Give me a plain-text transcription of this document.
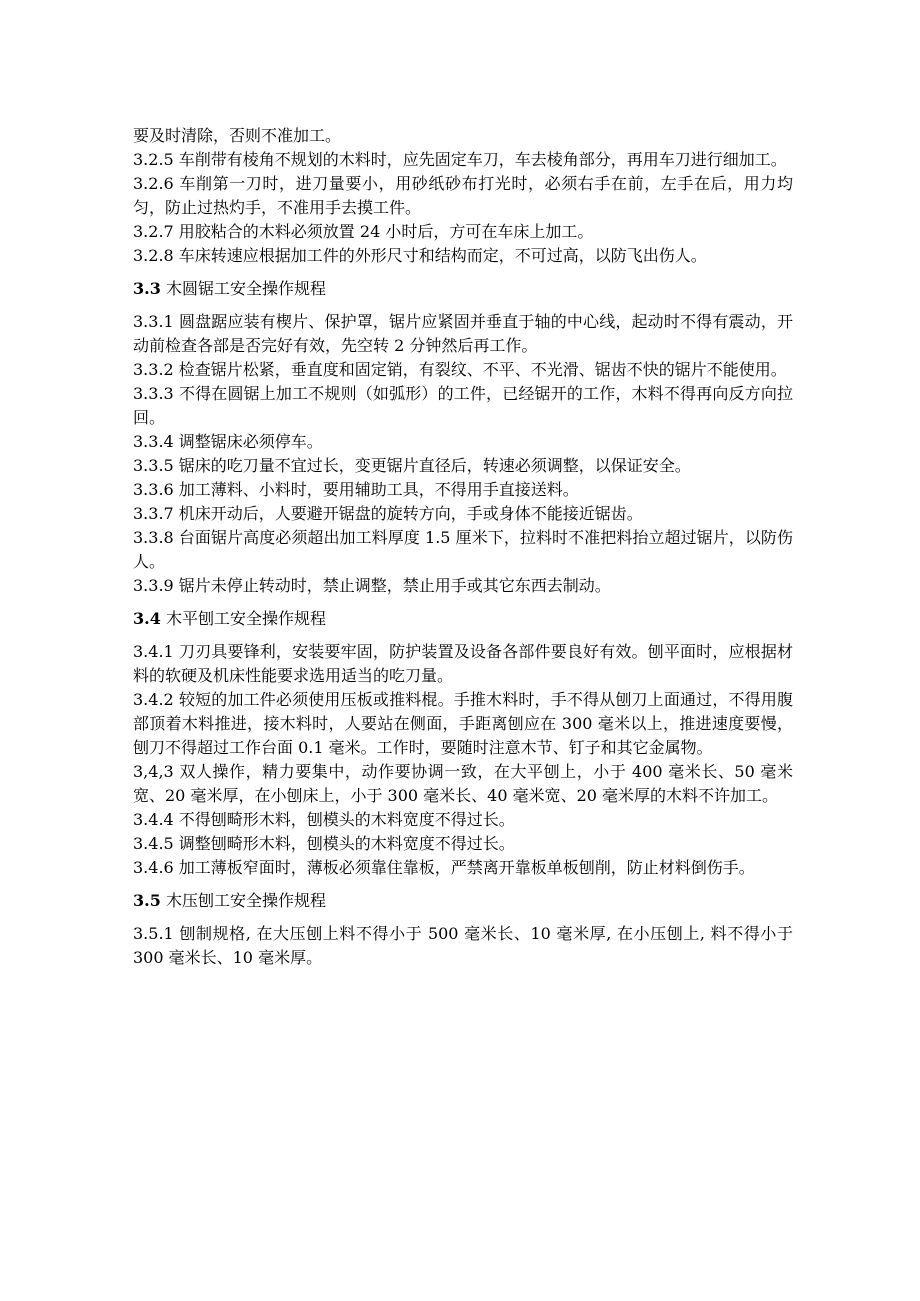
要及时清除，否则不准加工。

3.2.5 车削带有棱角不规划的木料时，应先固定车刀，车去棱角部分，再用车刀进行细加工。

3.2.6 车削第一刀时，进刀量要小，用砂纸砂布打光时，必须右手在前，左手在后，用力均匀，防止过热灼手，不准用手去摸工件。

3.2.7 用胶粘合的木料必须放置 24 小时后，方可在车床上加工。

3.2.8 车床转速应根据加工件的外形尺寸和结构而定，不可过高，以防飞出伤人。

3.3 木圆锯工安全操作规程

3.3.1 圆盘踞应装有楔片、保护罩，锯片应紧固并垂直于轴的中心线，起动时不得有震动，开动前检查各部是否完好有效，先空转 2 分钟然后再工作。

3.3.2 检查锯片松紧，垂直度和固定销，有裂纹、不平、不光滑、锯齿不快的锯片不能使用。

3.3.3 不得在圆锯上加工不规则（如弧形）的工件，已经锯开的工作，木料不得再向反方向拉回。

3.3.4 调整锯床必须停车。

3.3.5 锯床的吃刀量不宜过长，变更锯片直径后，转速必须调整，以保证安全。

3.3.6 加工薄料、小料时，要用辅助工具，不得用手直接送料。

3.3.7 机床开动后，人要避开锯盘的旋转方向，手或身体不能接近锯齿。

3.3.8 台面锯片高度必须超出加工料厚度 1.5 厘米下，拉料时不准把料抬立超过锯片，以防伤人。

3.3.9 锯片未停止转动时，禁止调整，禁止用手或其它东西去制动。

3.4 木平刨工安全操作规程

3.4.1 刀刃具要锋利，安装要牢固，防护装置及设备各部件要良好有效。刨平面时，应根据材料的软硬及机床性能要求选用适当的吃刀量。

3.4.2 较短的加工件必须使用压板或推料棍。手推木料时，手不得从刨刀上面通过，不得用腹部顶着木料推进，接木料时，人要站在侧面，手距离刨应在 300 毫米以上，推进速度要慢，刨刀不得超过工作台面 0.1 毫米。工作时，要随时注意木节、钉子和其它金属物。

3,4,3 双人操作，精力要集中，动作要协调一致，在大平刨上，小于 400 毫米长、50 毫米宽、20 毫米厚，在小刨床上，小于 300 毫米长、40 毫米宽、20 毫米厚的木料不许加工。

3.4.4 不得刨畸形木料，刨模头的木料宽度不得过长。

3.4.5 调整刨畸形木料，刨模头的木料宽度不得过长。

3.4.6 加工薄板窄面时，薄板必须靠住靠板，严禁离开靠板单板刨削，防止材料倒伤手。

3.5 木压刨工安全操作规程

3.5.1 刨制规格, 在大压刨上料不得小于 500 毫米长、10 毫米厚, 在小压刨上, 料不得小于 300 毫米长、10 毫米厚。
